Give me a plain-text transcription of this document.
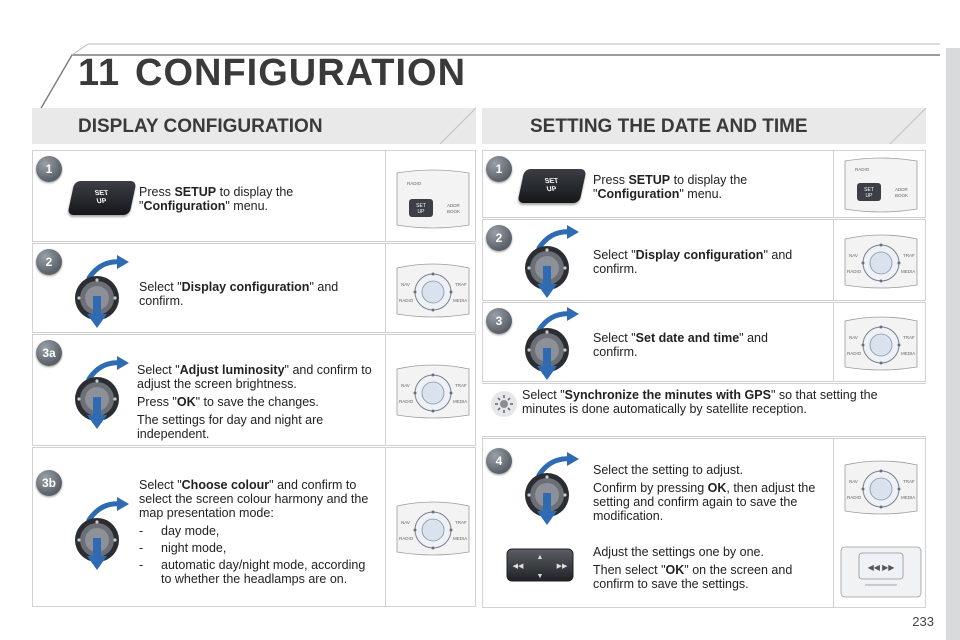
11 CONFIGURATION
DISPLAY CONFIGURATION
SET
UP
Press SETUP to display the "Configuration" menu.	SET
UP
RADIO
ADDR
BOOK
1
Select "Display configuration" and confirm.
NAV	TRAF
RADIO	MEDIA
2

Select "Adjust luminosity" and confirm to adjust the screen brightness.

Press "OK" to save the changes.

The settings for day and night are independent.

NAV	TRAF
RADIO	MEDIA
3a

Select "Choose colour" and confirm to select the screen colour harmony and the map presentation mode:

-	day mode,
-	night mode,
-	automatic day/night mode, according to whether the headlamps are on.
NAV	TRAF
RADIO	MEDIA
3b
SETTING THE DATE AND TIME
SET
UP
Press SETUP to display the "Configuration" menu.	SET
UP
RADIO
ADDR
BOOK
1
Select "Display configuration" and confirm.
NAV	TRAF
RADIO	MEDIA
2
Select "Set date and time" and confirm.
NAV	TRAF
RADIO	MEDIA
3
Select "Synchronize the minutes with GPS" so that setting the minutes is done automatically by satellite reception.

Select the setting to adjust.

Confirm by pressing OK, then adjust the setting and confirm again to save the modification.

NAV	TRAF
RADIO	MEDIA
▲
▼
◀◀	▶▶

Adjust the settings one by one.

Then select "OK" on the screen and confirm to save the settings.

◀◀ ▶▶
4
233
